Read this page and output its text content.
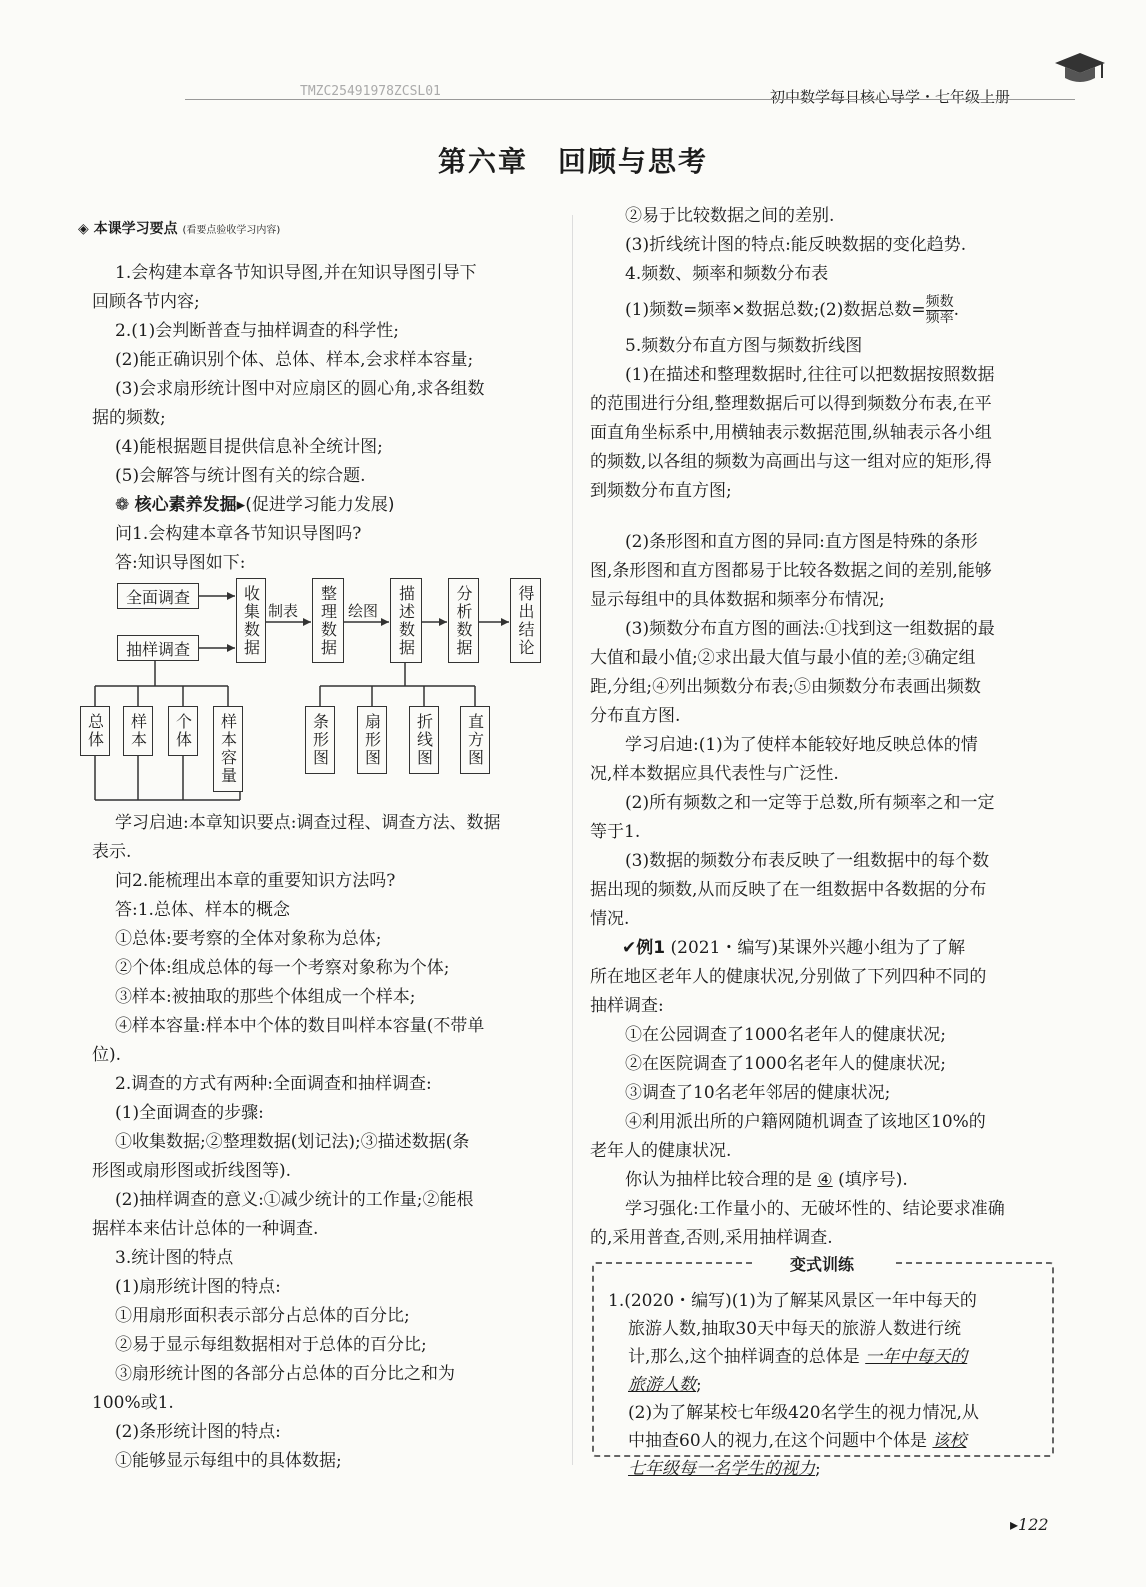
TMZC25491978ZCSL01	初中数学每日核心导学・七年级上册
第六章　回顾与思考
◈ 本课学习要点 (看要点验收学习内容)
1.会构建本章各节知识导图,并在知识导图引导下
回顾各节内容;
2.(1)会判断普查与抽样调查的科学性;
(2)能正确识别个体、总体、样本,会求样本容量;
(3)会求扇形统计图中对应扇区的圆心角,求各组数
据的频数;
(4)能根据题目提供信息补全统计图;
(5)会解答与统计图有关的综合题.
❁ 核心素养发掘▸(促进学习能力发展)
问1.会构建本章各节知识导图吗?
答:知识导图如下:
全面调查
抽样调查	收集数据 制表	整理数据 绘图	描述数据	分析数据	得出结论
总体	样本	个体	样本容量	条形图	扇形图	折线图	直方图
学习启迪:本章知识要点:调查过程、调查方法、数据
表示.
问2.能梳理出本章的重要知识方法吗?
答:1.总体、样本的概念
①总体:要考察的全体对象称为总体;
②个体:组成总体的每一个考察对象称为个体;
③样本:被抽取的那些个体组成一个样本;
④样本容量:样本中个体的数目叫样本容量(不带单
位).
2.调查的方式有两种:全面调查和抽样调查:
(1)全面调查的步骤:
①收集数据;②整理数据(划记法);③描述数据(条
形图或扇形图或折线图等).
(2)抽样调查的意义:①减少统计的工作量;②能根
据样本来估计总体的一种调查.
3.统计图的特点
(1)扇形统计图的特点:
①用扇形面积表示部分占总体的百分比;
②易于显示每组数据相对于总体的百分比;
③扇形统计图的各部分占总体的百分比之和为
100%或1.
(2)条形统计图的特点:
①能够显示每组中的具体数据;
②易于比较数据之间的差别.
(3)折线统计图的特点:能反映数据的变化趋势.
4.频数、频率和频数分布表
(1)频数=频率×数据总数;(2)数据总数= $\frac{\text{频数}}{\text{频率}}$ .
5.频数分布直方图与频数折线图
(1)在描述和整理数据时,往往可以把数据按照数据
的范围进行分组,整理数据后可以得到频数分布表,在平
面直角坐标系中,用横轴表示数据范围,纵轴表示各小组
的频数,以各组的频数为高画出与这一组对应的矩形,得
到频数分布直方图;
(2)条形图和直方图的异同:直方图是特殊的条形
图,条形图和直方图都易于比较各数据之间的差别,能够
显示每组中的具体数据和频率分布情况;
(3)频数分布直方图的画法:①找到这一组数据的最
大值和最小值;②求出最大值与最小值的差;③确定组
距,分组;④列出频数分布表;⑤由频数分布表画出频数
分布直方图.
学习启迪:(1)为了使样本能较好地反映总体的情
况,样本数据应具代表性与广泛性.
(2)所有频数之和一定等于总数,所有频率之和一定
等于1.
(3)数据的频数分布表反映了一组数据中的每个数
据出现的频数,从而反映了在一组数据中各数据的分布
情况.
✔例1 (2021・编写)某课外兴趣小组为了了解
所在地区老年人的健康状况,分别做了下列四种不同的
抽样调查:
①在公园调查了1000名老年人的健康状况;
②在医院调查了1000名老年人的健康状况;
③调查了10名老年邻居的健康状况;
④利用派出所的户籍网随机调查了该地区10%的
老年人的健康状况.
你认为抽样比较合理的是 ④ (填序号).
学习强化:工作量小的、无破坏性的、结论要求准确
的,采用普查,否则,采用抽样调查.
变式训练
1.(2020・编写)(1)为了解某风景区一年中每天的
旅游人数,抽取30天中每天的旅游人数进行统
计,那么,这个抽样调查的总体是 一年中每天的
旅游人数;
(2)为了解某校七年级420名学生的视力情况,从
中抽查60人的视力,在这个问题中个体是 该校
七年级每一名学生的视力;
▸122
